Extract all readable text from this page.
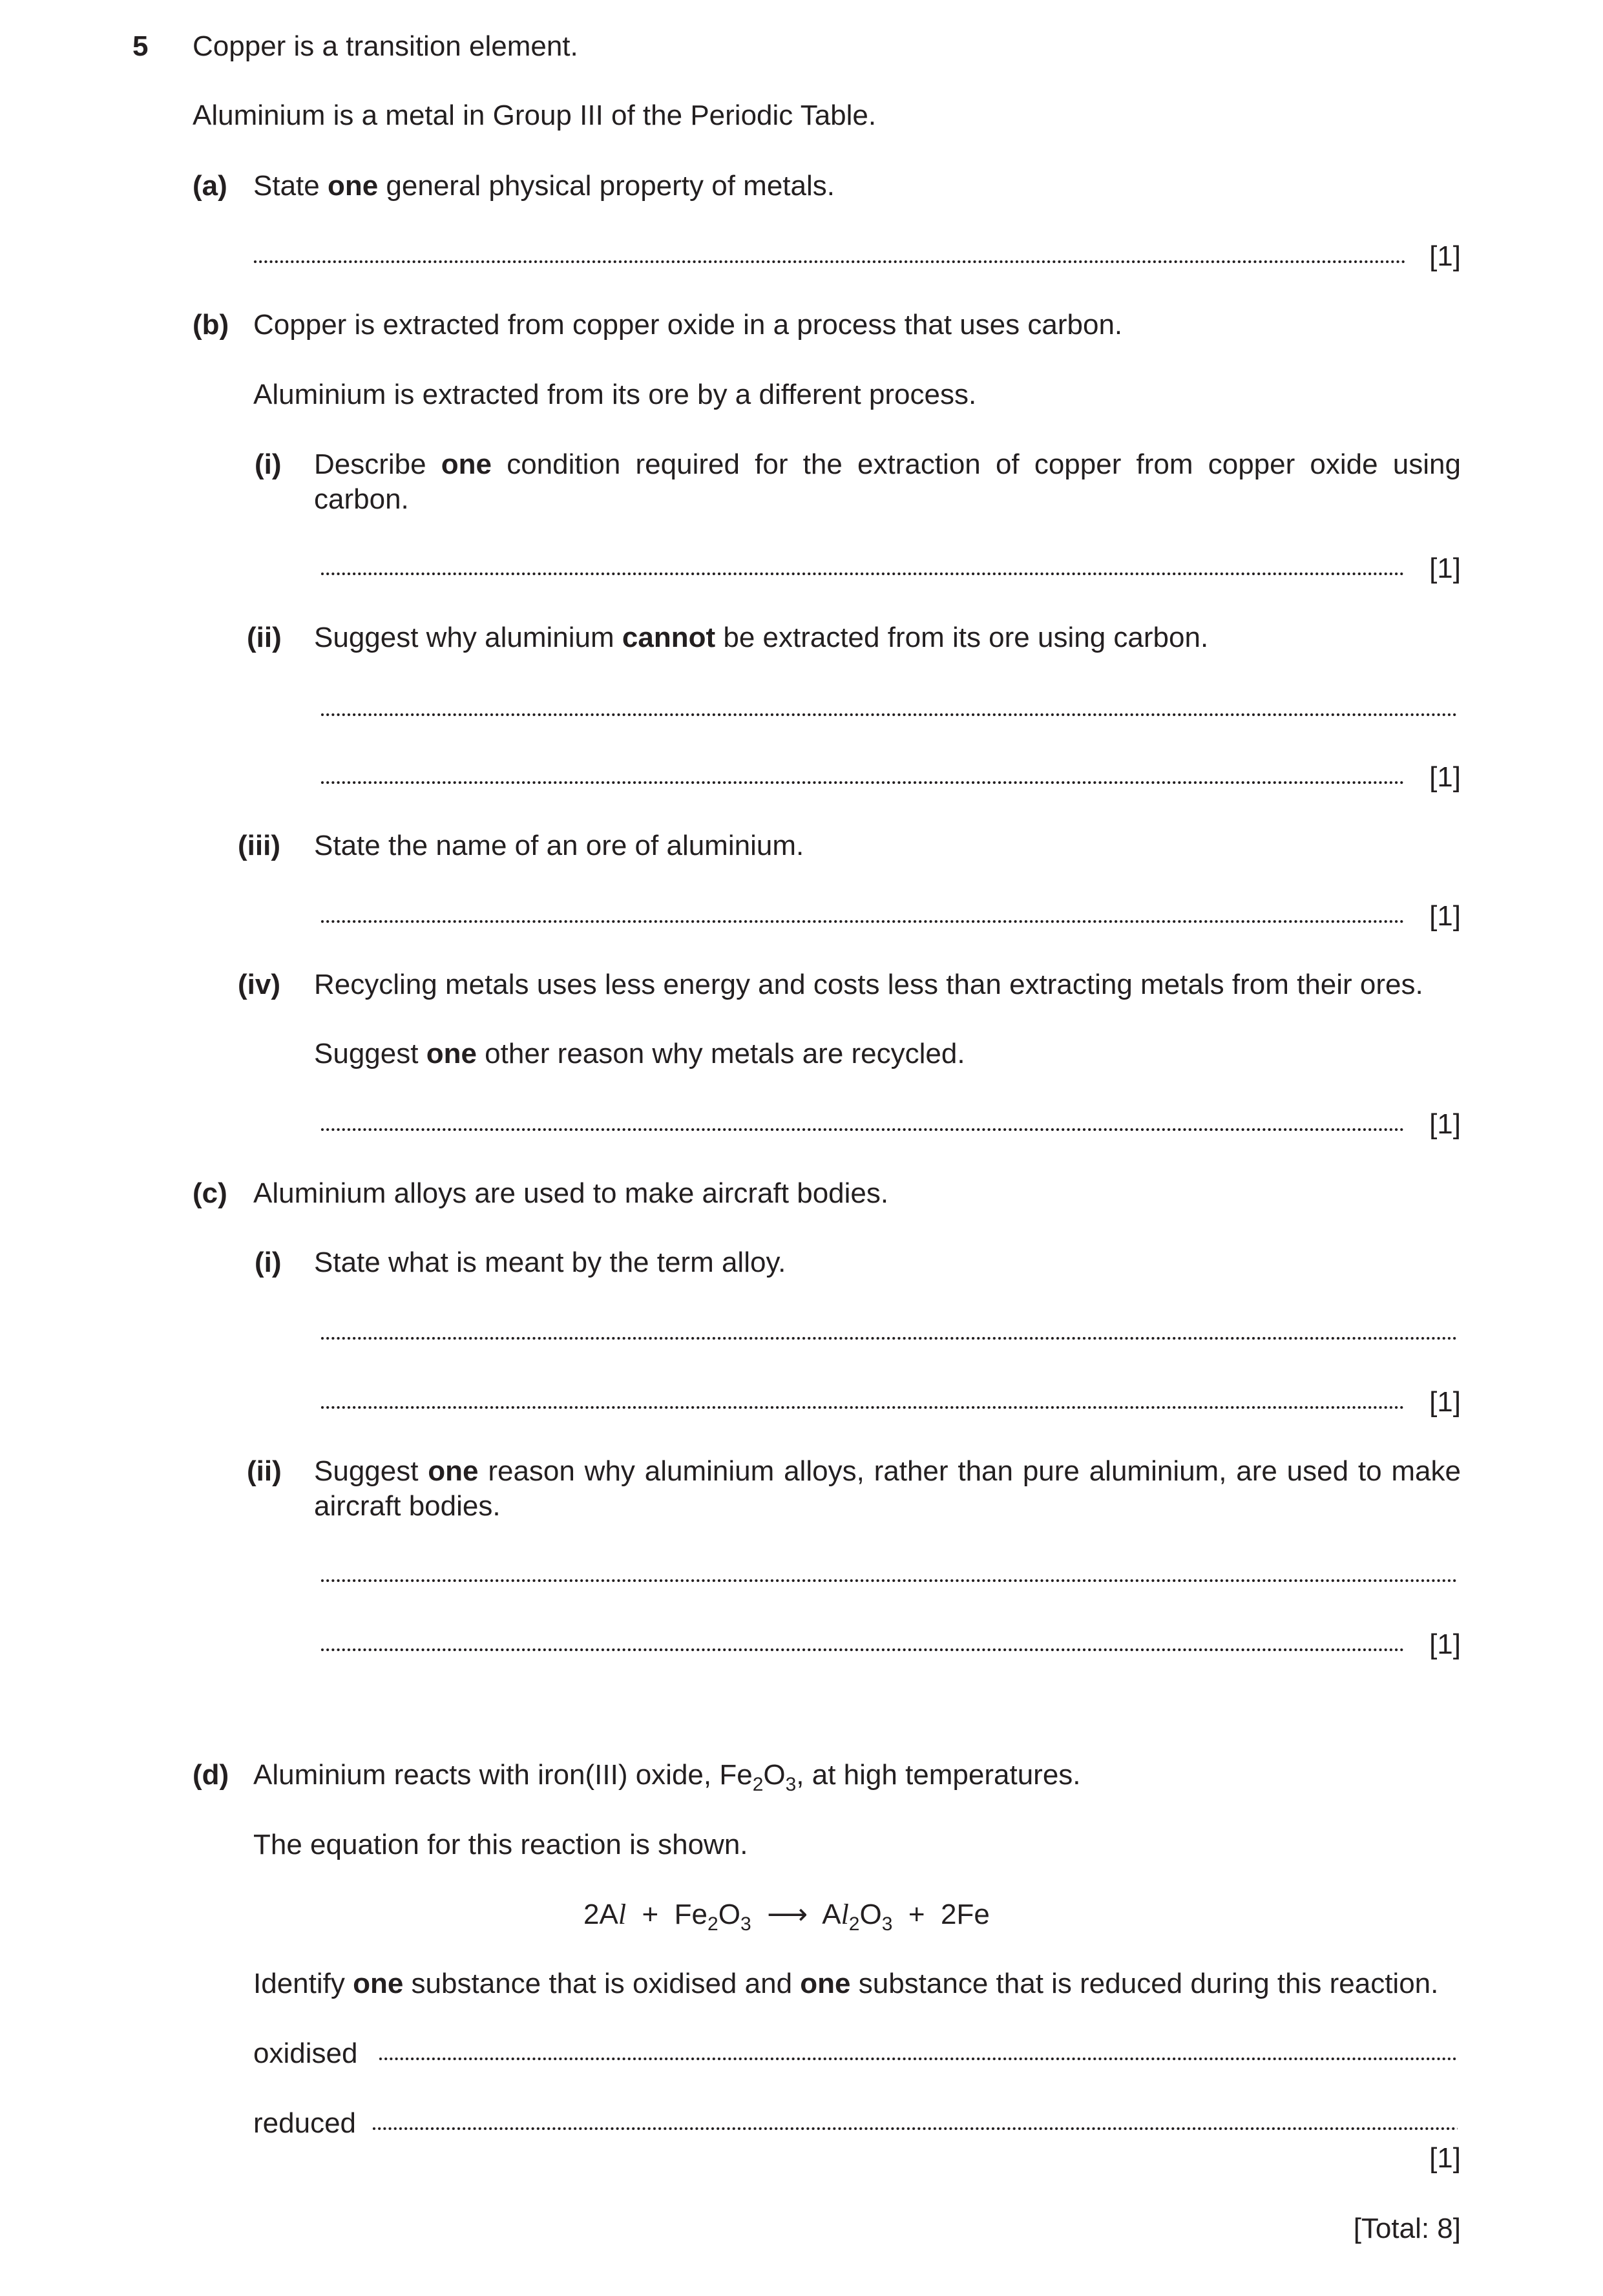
5 Copper is a transition element.
Aluminium is a metal in Group III of the Periodic Table.
(a) State one general physical property of metals.
[1]
(b) Copper is extracted from copper oxide in a process that uses carbon.
Aluminium is extracted from its ore by a different process.
(i) Describe one condition required for the extraction of copper from copper oxide using carbon.
[1]
(ii) Suggest why aluminium cannot be extracted from its ore using carbon.
[1]
(iii) State the name of an ore of aluminium.
[1]
(iv) Recycling metals uses less energy and costs less than extracting metals from their ores.
Suggest one other reason why metals are recycled.
[1]
(c) Aluminium alloys are used to make aircraft bodies.
(i) State what is meant by the term alloy.
[1]
(ii) Suggest one reason why aluminium alloys, rather than pure aluminium, are used to make aircraft bodies.
[1]
(d) Aluminium reacts with iron(III) oxide, $Fe_2O_3$, at high temperatures.
The equation for this reaction is shown.
$2Al + Fe_2O_3$ ⟶ $Al_2O_3 + 2Fe$
Identify one substance that is oxidised and one substance that is reduced during this reaction.
oxidised
reduced
[1]
[Total: 8]
